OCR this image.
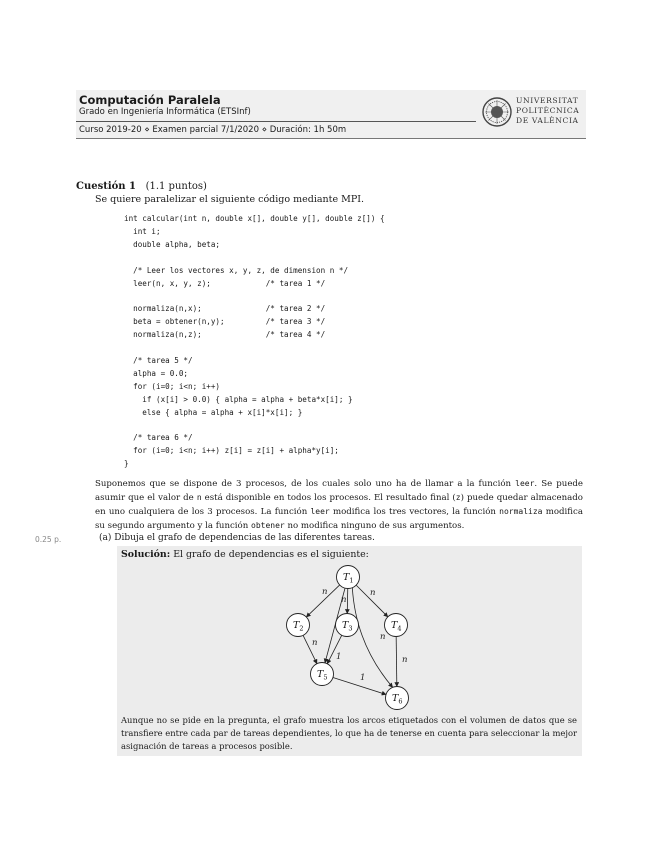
Computación Paralela
Grado en Ingeniería Informática (ETSInf)
Curso 2019-20 ⋄ Examen parcial 7/1/2020 ⋄ Duración: 1h 50m
UNIVERSITAT
POLITÈCNICA
DE VALÈNCIA
Cuestión 1 (1.1 puntos)
Se quiere paralelizar el siguiente código mediante MPI.
int calcular(int n, double x[], double y[], double z[]) {
int i;
double alpha, beta;

/* Leer los vectores x, y, z, de dimension n */
leer(n, x, y, z);            /* tarea 1 */

normaliza(n,x);              /* tarea 2 */
beta = obtener(n,y);         /* tarea 3 */
normaliza(n,z);              /* tarea 4 */

/* tarea 5 */
alpha = 0.0;
for (i=0; i<n; i++)
if (x[i] > 0.0) { alpha = alpha + beta*x[i]; }
else { alpha = alpha + x[i]*x[i]; }

/* tarea 6 */
for (i=0; i<n; i++) z[i] = z[i] + alpha*y[i];
}
Suponemos que se dispone de 3 procesos, de los cuales solo uno ha de llamar a la función leer. Se puede asumir que el valor de n está disponible en todos los procesos. El resultado final (z) puede quedar almacenado en uno cualquiera de los 3 procesos. La función leer modifica los tres vectores, la función normaliza modifica su segundo argumento y la función obtener no modifica ninguno de sus argumentos.
0.25 p.	(a) Dibuja el grafo de dependencias de las diferentes tareas.
Solución: El grafo de dependencias es el siguiente:
n
n
n
n
n
1	n
1
$T_1$
$T_2$	$T_3$	$T_4$
$T_5$
$T_6$
Aunque no se pide en la pregunta, el grafo muestra los arcos etiquetados con el volumen de datos que se transfiere entre cada par de tareas dependientes, lo que ha de tenerse en cuenta para seleccionar la mejor asignación de tareas a procesos posible.
